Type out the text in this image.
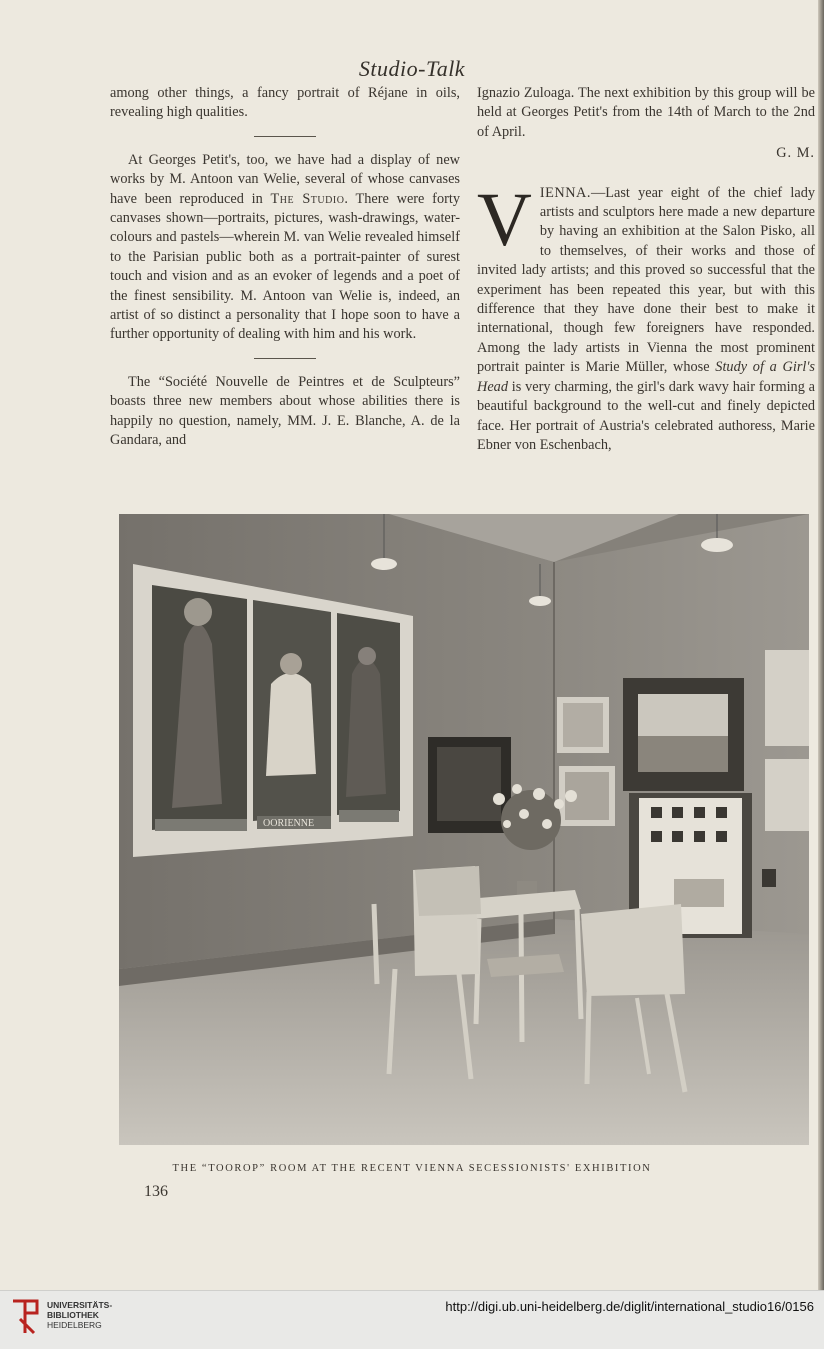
Studio-Talk

among other things, a fancy portrait of Réjane in oils, revealing high qualities.

At Georges Petit's, too, we have had a display of new works by M. Antoon van Welie, several of whose canvases have been reproduced in The Studio. There were forty canvases shown—portraits, pictures, wash-drawings, water-colours and pastels—wherein M. van Welie revealed himself to the Parisian public both as a portrait-painter of surest touch and vision and as an evoker of legends and a poet of the finest sensibility. M. Antoon van Welie is, indeed, an artist of so distinct a personality that I hope soon to have a further opportunity of dealing with him and his work.

The “Société Nouvelle de Peintres et de Sculpteurs” boasts three new members about whose abilities there is happily no question, namely, MM. J. E. Blanche, A. de la Gandara, and

Ignazio Zuloaga. The next exhibition by this group will be held at Georges Petit's from the 14th of March to the 2nd of April.

G. M.

VIENNA.—Last year eight of the chief lady artists and sculptors here made a new departure by having an exhibition at the Salon Pisko, all to themselves, of their works and those of invited lady artists; and this proved so successful that the experiment has been repeated this year, but with this difference that they have done their best to make it international, though few foreigners have responded. Among the lady artists in Vienna the most prominent portrait painter is Marie Müller, whose Study of a Girl's Head is very charming, the girl's dark wavy hair forming a beautiful background to the well-cut and finely depicted face. Her portrait of Austria's celebrated authoress, Marie Ebner von Eschenbach,

OORIENNE
THE “TOOROP” ROOM AT THE RECENT VIENNA SECESSIONISTS' EXHIBITION
136
UNIVERSITÄTS-
BIBLIOTHEK
HEIDELBERG
http://digi.ub.uni-heidelberg.de/diglit/international_studio16/0156
